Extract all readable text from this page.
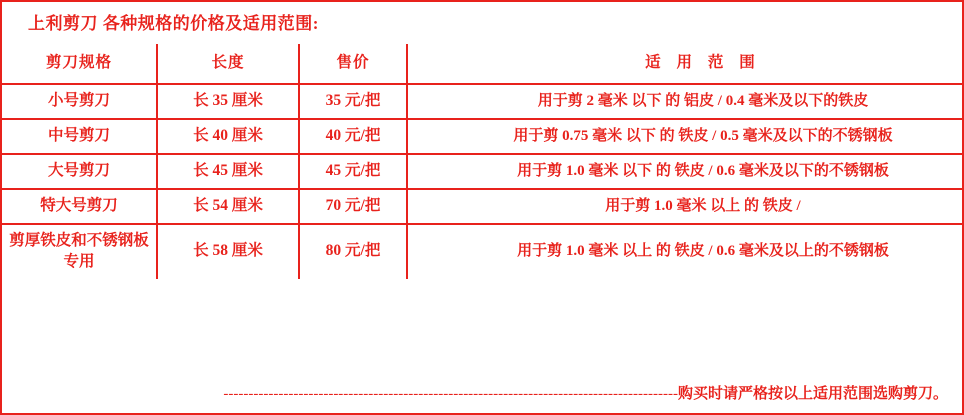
上利剪刀 各种规格的价格及适用范围:
剪刀规格	长度	售价	适 用 范 围
小号剪刀	长 35 厘米	35 元/把	用于剪 2 毫米 以下 的 铝皮 / 0.4 毫米及以下的铁皮
中号剪刀	长 40 厘米	40 元/把	用于剪 0.75 毫米 以下 的 铁皮 / 0.5 毫米及以下的不锈钢板
大号剪刀	长 45 厘米	45 元/把	用于剪 1.0 毫米 以下 的 铁皮 / 0.6 毫米及以下的不锈钢板
特大号剪刀	长 54 厘米	70 元/把	用于剪 1.0 毫米 以上 的 铁皮 /
剪厚铁皮和不锈钢板专用	长 58 厘米	80 元/把	用于剪 1.0 毫米 以上 的 铁皮 / 0.6 毫米及以上的不锈钢板
-------------------------------------------------------------------------------------------购买时请严格按以上适用范围选购剪刀。
